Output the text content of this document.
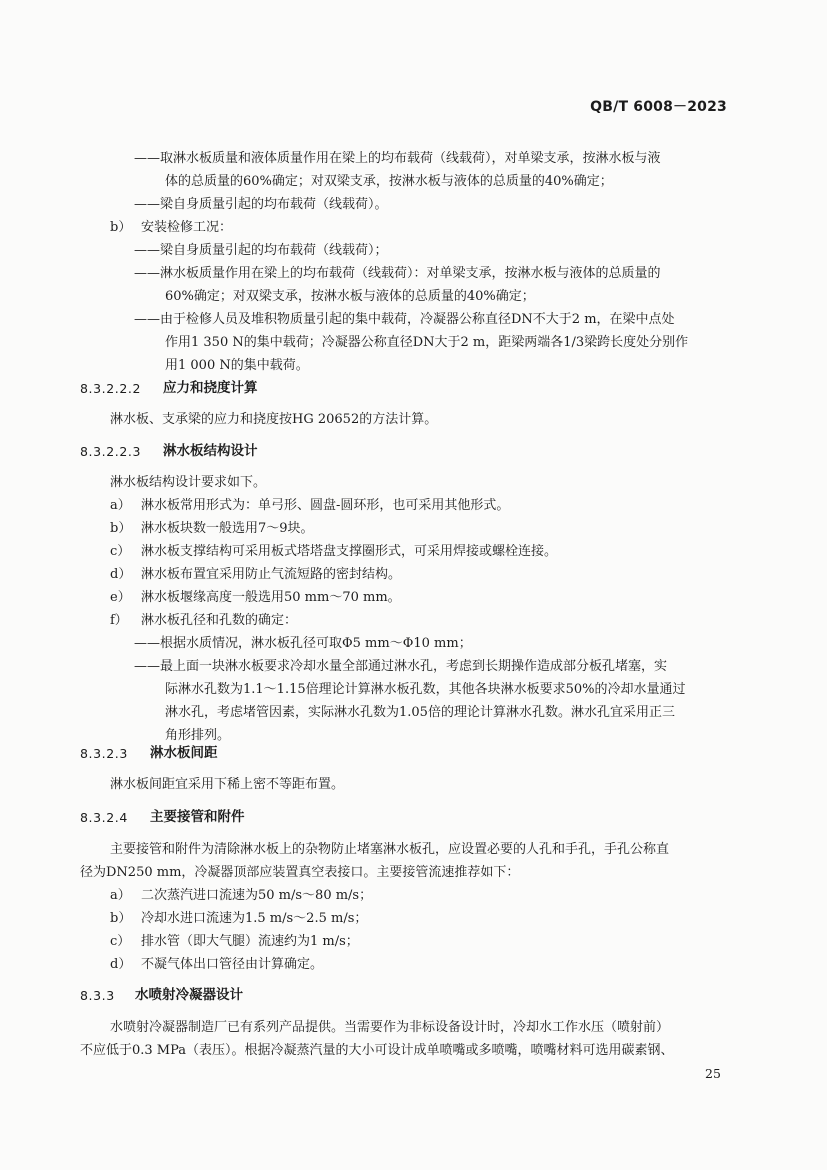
QB/T 6008－2023
——取淋水板质量和液体质量作用在梁上的均布载荷（线载荷），对单梁支承，按淋水板与液
体的总质量的60%确定；对双梁支承，按淋水板与液体的总质量的40%确定；
——梁自身质量引起的均布载荷（线载荷）。
b） 安装检修工况：
——梁自身质量引起的均布载荷（线载荷）；
——淋水板质量作用在梁上的均布载荷（线载荷）：对单梁支承，按淋水板与液体的总质量的
60%确定；对双梁支承，按淋水板与液体的总质量的40%确定；
——由于检修人员及堆积物质量引起的集中载荷，冷凝器公称直径DN不大于2 m，在梁中点处
作用1 350 N的集中载荷；冷凝器公称直径DN大于2 m，距梁两端各1/3梁跨长度处分别作
用1 000 N的集中载荷。
8.3.2.2.2 应力和挠度计算
淋水板、支承梁的应力和挠度按HG 20652的方法计算。
8.3.2.2.3 淋水板结构设计
淋水板结构设计要求如下。
a） 淋水板常用形式为：单弓形、圆盘-圆环形，也可采用其他形式。
b） 淋水板块数一般选用7～9块。
c） 淋水板支撑结构可采用板式塔塔盘支撑圈形式，可采用焊接或螺栓连接。
d） 淋水板布置宜采用防止气流短路的密封结构。
e） 淋水板堰缘高度一般选用50 mm～70 mm。
f） 淋水板孔径和孔数的确定：
——根据水质情况，淋水板孔径可取Φ5 mm～Φ10 mm；
——最上面一块淋水板要求冷却水量全部通过淋水孔，考虑到长期操作造成部分板孔堵塞，实
际淋水孔数为1.1～1.15倍理论计算淋水板孔数，其他各块淋水板要求50%的冷却水量通过
淋水孔，考虑堵管因素，实际淋水孔数为1.05倍的理论计算淋水孔数。淋水孔宜采用正三
角形排列。
8.3.2.3 淋水板间距
淋水板间距宜采用下稀上密不等距布置。
8.3.2.4 主要接管和附件
主要接管和附件为清除淋水板上的杂物防止堵塞淋水板孔，应设置必要的人孔和手孔，手孔公称直
径为DN250 mm，冷凝器顶部应装置真空表接口。主要接管流速推荐如下：
a） 二次蒸汽进口流速为50 m/s～80 m/s；
b） 冷却水进口流速为1.5 m/s～2.5 m/s；
c） 排水管（即大气腿）流速约为1 m/s；
d） 不凝气体出口管径由计算确定。
8.3.3 水喷射冷凝器设计
水喷射冷凝器制造厂已有系列产品提供。当需要作为非标设备设计时，冷却水工作水压（喷射前）
不应低于0.3 MPa（表压）。根据冷凝蒸汽量的大小可设计成单喷嘴或多喷嘴，喷嘴材料可选用碳素钢、
25
